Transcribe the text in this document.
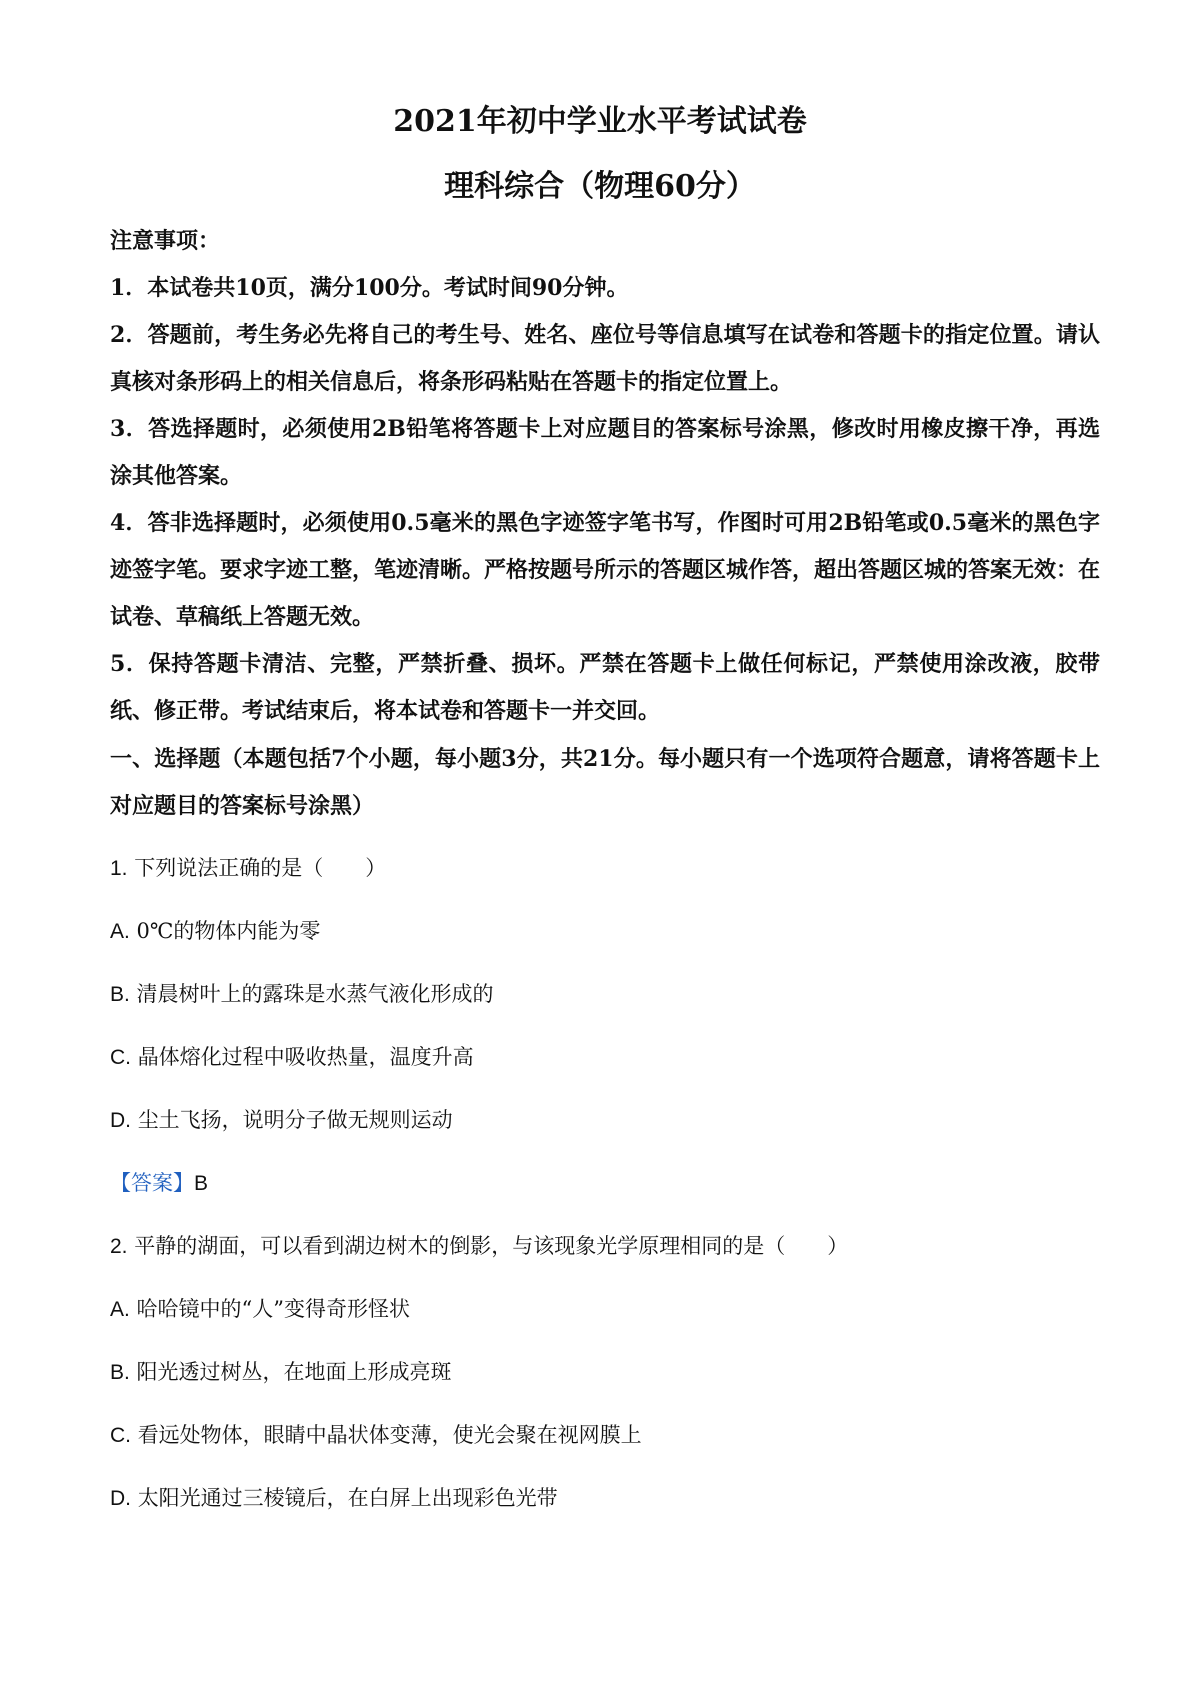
2021年初中学业水平考试试卷
理科综合（物理60分）
注意事项：

1．本试卷共10页，满分100分。考试时间90分钟。

2．答题前，考生务必先将自己的考生号、姓名、座位号等信息填写在试卷和答题卡的指定位置。请认真核对条形码上的相关信息后，将条形码粘贴在答题卡的指定位置上。

3．答选择题时，必须使用2B铅笔将答题卡上对应题目的答案标号涂黑，修改时用橡皮擦干净，再选涂其他答案。

4．答非选择题时，必须使用0.5毫米的黑色字迹签字笔书写，作图时可用2B铅笔或0.5毫米的黑色字迹签字笔。要求字迹工整，笔迹清晰。严格按题号所示的答题区城作答，超出答题区城的答案无效：在试卷、草稿纸上答题无效。

5．保持答题卡清洁、完整，严禁折叠、损坏。严禁在答题卡上做任何标记，严禁使用涂改液，胶带纸、修正带。考试结束后，将本试卷和答题卡一并交回。

一、选择题（本题包括7个小题，每小题3分，共21分。每小题只有一个选项符合题意，请将答题卡上对应题目的答案标号涂黑）
1. 下列说法正确的是（　　）
A. 0℃的物体内能为零
B. 清晨树叶上的露珠是水蒸气液化形成的
C. 晶体熔化过程中吸收热量，温度升高
D. 尘土飞扬，说明分子做无规则运动
【答案】B
2. 平静的湖面，可以看到湖边树木的倒影，与该现象光学原理相同的是（　　）
A. 哈哈镜中的“人”变得奇形怪状
B. 阳光透过树丛，在地面上形成亮斑
C. 看远处物体，眼睛中晶状体变薄，使光会聚在视网膜上
D. 太阳光通过三棱镜后，在白屏上出现彩色光带
